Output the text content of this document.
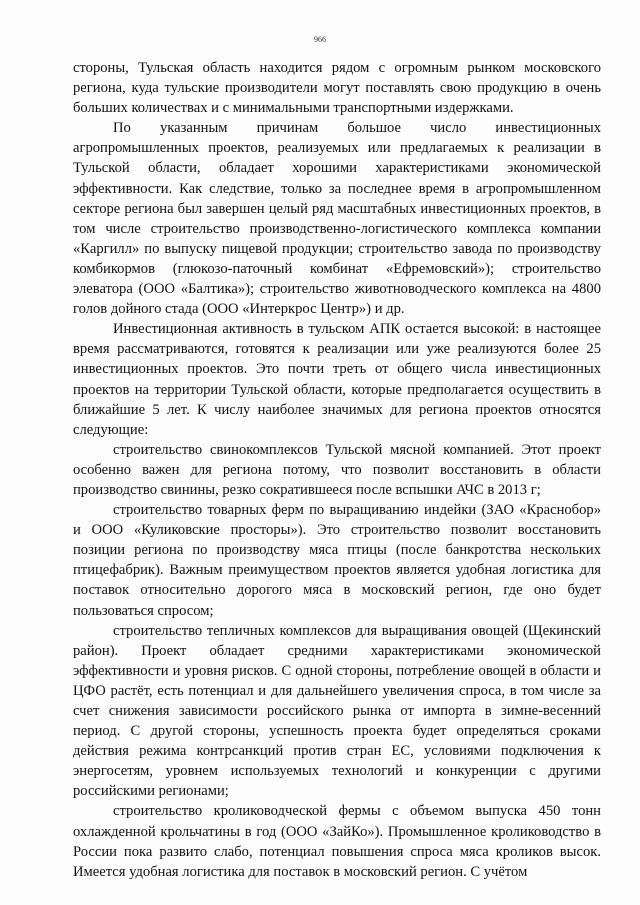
966

стороны, Тульская область находится рядом с огромным рынком московского региона, куда тульские производители могут поставлять свою продукцию в очень больших количествах и с минимальными транспортными издержками.

По указанным причинам большое число инвестиционных агропромышленных проектов, реализуемых или предлагаемых к реализации в Тульской области, обладает хорошими характеристиками экономической эффективности. Как следствие, только за последнее время в агропромышленном секторе региона был завершен целый ряд масштабных инвестиционных проектов, в том числе строительство производственно-логистического комплекса компании «Каргилл» по выпуску пищевой продукции; строительство завода по производству комбикормов (глюкозо-паточный комбинат «Ефремовский»); строительство элеватора (ООО «Балтика»); строительство животноводческого комплекса на 4800 голов дойного стада (ООО «Интеркрос Центр») и др.

Инвестиционная активность в тульском АПК остается высокой: в настоящее время рассматриваются, готовятся к реализации или уже реализуются более 25 инвестиционных проектов. Это почти треть от общего числа инвестиционных проектов на территории Тульской области, которые предполагается осуществить в ближайшие 5 лет. К числу наиболее значимых для региона проектов относятся следующие:

строительство свинокомплексов Тульской мясной компанией. Этот проект особенно важен для региона потому, что позволит восстановить в области производство свинины, резко сократившееся после вспышки АЧС в 2013 г;

строительство товарных ферм по выращиванию индейки (ЗАО «Краснобор» и ООО «Куликовские просторы»). Это строительство позволит восстановить позиции региона по производству мяса птицы (после банкротства нескольких птицефабрик). Важным преимуществом проектов является удобная логистика для поставок относительно дорогого мяса в московский регион, где оно будет пользоваться спросом;

строительство тепличных комплексов для выращивания овощей (Щекинский район). Проект обладает средними характеристиками экономической эффективности и уровня рисков. С одной стороны, потребление овощей в области и ЦФО растёт, есть потенциал и для дальнейшего увеличения спроса, в том числе за счет снижения зависимости российского рынка от импорта в зимне-весенний период. С другой стороны, успешность проекта будет определяться сроками действия режима контрсанкций против стран ЕС, условиями подключения к энергосетям, уровнем используемых технологий и конкуренции с другими российскими регионами;

строительство кролиководческой фермы с объемом выпуска 450 тонн охлажденной крольчатины в год (ООО «ЗайКо»). Промышленное кролиководство в России пока развито слабо, потенциал повышения спроса мяса кроликов высок. Имеется удобная логистика для поставок в московский регион. С учётом
